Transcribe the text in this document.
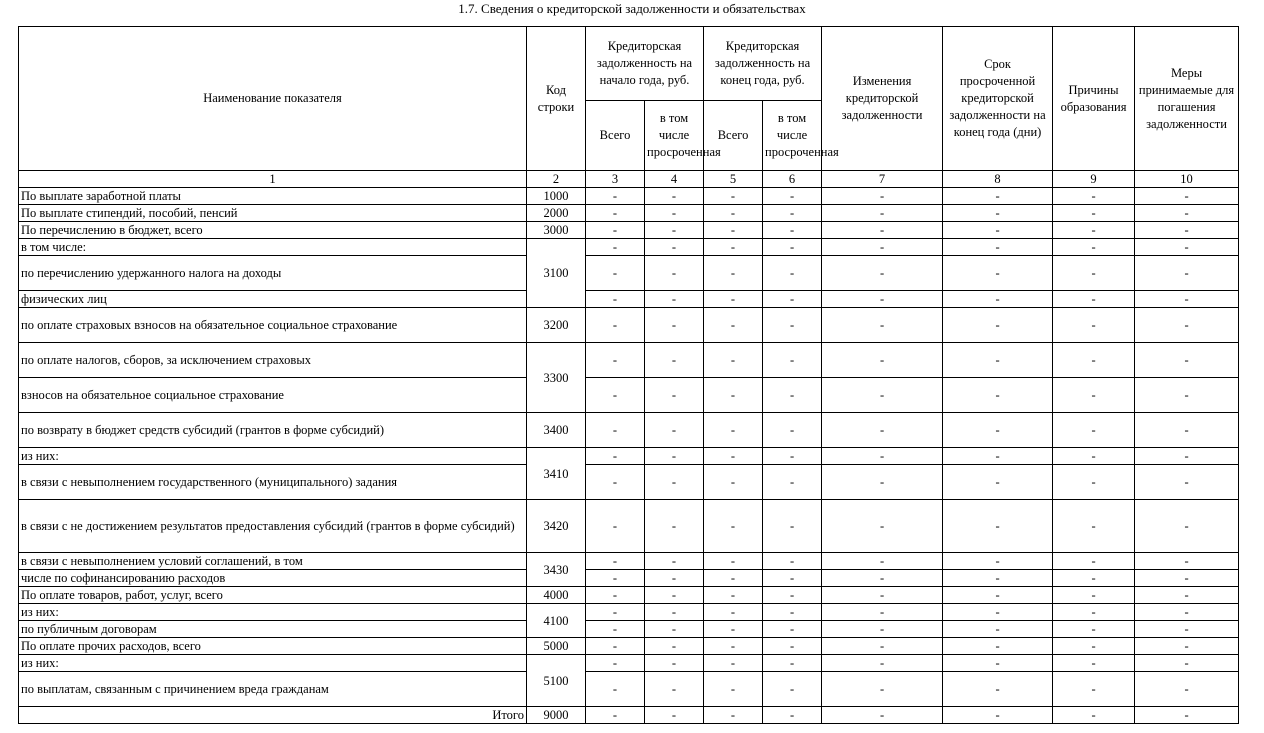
1.7. Сведения о кредиторской задолженности и обязательствах
Наименование показателя	Код строки	Кредиторская задолженность на начало года, руб.		Кредиторская задолженность на конец года, руб.		Изменения кредиторской задолженности	Срок просроченной кредиторской задолженности на конец года (дни)	Причины образования	Меры принимаемые для погашения задолженности
		Всего	в том числе просроченная	Всего	в том числе просроченная				
1	2	3	4	5	6	7	8	9	10
По выплате заработной платы	1000	-	-	-	-	-	-	-	-
По выплате стипендий, пособий, пенсий	2000	-	-	-	-	-	-	-	-
По перечислению в бюджет, всего	3000	-	-	-	-	-	-	-	-
в том числе:	3100	-	-	-	-	-	-	-	-
по перечислению удержанного налога на доходы		-	-	-	-	-	-	-	-
физических лиц		-	-	-	-	-	-	-	-
по оплате страховых взносов на обязательное социальное страхование	3200	-	-	-	-	-	-	-	-
по оплате налогов, сборов, за исключением страховых	3300	-	-	-	-	-	-	-	-
взносов на обязательное социальное страхование		-	-	-	-	-	-	-	-
по возврату в бюджет средств субсидий (грантов в форме субсидий)	3400	-	-	-	-	-	-	-	-
из них:	3410	-	-	-	-	-	-	-	-
в связи с невыполнением государственного (муниципального) задания		-	-	-	-	-	-	-	-
в связи с не достижением результатов предоставления субсидий (грантов в форме субсидий)	3420	-	-	-	-	-	-	-	-
в связи с невыполнением условий соглашений, в том	3430	-	-	-	-	-	-	-	-
числе по софинансированию расходов		-	-	-	-	-	-	-	-
По оплате товаров, работ, услуг, всего	4000	-	-	-	-	-	-	-	-
из них:	4100	-	-	-	-	-	-	-	-
по публичным договорам		-	-	-	-	-	-	-	-
По оплате прочих расходов, всего	5000	-	-	-	-	-	-	-	-
из них:	5100	-	-	-	-	-	-	-	-
по выплатам, связанным с причинением вреда гражданам		-	-	-	-	-	-	-	-
Итого	9000	-	-	-	-	-	-	-	-
